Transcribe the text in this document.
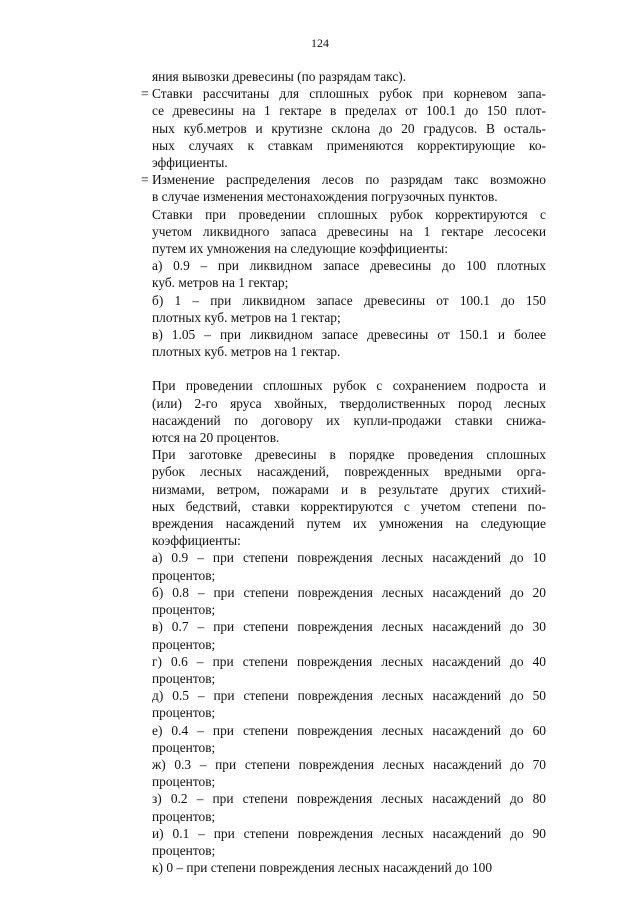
124
яния вывозки древесины (по разрядам такс).
= Ставки рассчитаны для сплошных рубок при корневом запа-
се древесины на 1 гектаре в пределах от 100.1 до 150 плот-
ных куб.метров и крутизне склона до 20 градусов. В осталь-
ных случаях к ставкам применяются корректирующие ко-
эффициенты.
= Изменение распределения лесов по разрядам такс возможно
в случае изменения местонахождения погрузочных пунктов.
Ставки при проведении сплошных рубок корректируются с
учетом ликвидного запаса древесины на 1 гектаре лесосеки
путем их умножения на следующие коэффициенты:
а) 0.9 – при ликвидном запасе древесины до 100 плотных
куб. метров на 1 гектар;
б) 1 – при ликвидном запасе древесины от 100.1 до 150
плотных куб. метров на 1 гектар;
в) 1.05 – при ликвидном запасе древесины от 150.1 и более
плотных куб. метров на 1 гектар.
При проведении сплошных рубок с сохранением подроста и
(или) 2-го яруса хвойных, твердолиственных пород лесных
насаждений по договору их купли-продажи ставки снижа-
ются на 20 процентов.
При заготовке древесины в порядке проведения сплошных
рубок лесных насаждений, поврежденных вредными орга-
низмами, ветром, пожарами и в результате других стихий-
ных бедствий, ставки корректируются с учетом степени по-
вреждения насаждений путем их умножения на следующие
коэффициенты:
а) 0.9 – при степени повреждения лесных насаждений до 10
процентов;
б) 0.8 – при степени повреждения лесных насаждений до 20
процентов;
в) 0.7 – при степени повреждения лесных насаждений до 30
процентов;
г) 0.6 – при степени повреждения лесных насаждений до 40
процентов;
д) 0.5 – при степени повреждения лесных насаждений до 50
процентов;
е) 0.4 – при степени повреждения лесных насаждений до 60
процентов;
ж) 0.3 – при степени повреждения лесных насаждений до 70
процентов;
з) 0.2 – при степени повреждения лесных насаждений до 80
процентов;
и) 0.1 – при степени повреждения лесных насаждений до 90
процентов;
к) 0 – при степени повреждения лесных насаждений до 100
